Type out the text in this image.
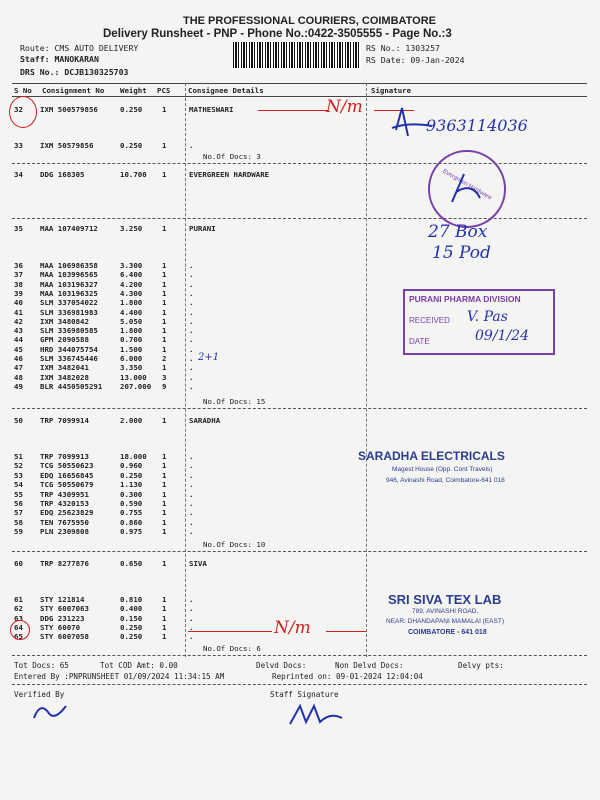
THE PROFESSIONAL COURIERS, COIMBATORE
Delivery Runsheet - PNP - Phone No.:0422-3505555 - Page No.:3
Route: CMS AUTO DELIVERY
Staff: MANOKARAN
DRS No.: DCJB130325703
RS No.: 1303257
RS Date: 09-Jan-2024
S No Consignment No Weight PCS Consignee Details	Signature
32 IXM 500579856	0.250	1	MATHESWARI
33 IXM 50579856	0.250	1	.
No.Of Docs: 3
34 DDG 168305	10.700 1	EVERGREEN HARDWARE
35 MAA 107409712	3.250	1	PURANI
36 MAA 106986358	3.300	1	.
37 MAA 103996565	6.400	1	.
38 MAA 103196327	4.200	1	.
39 MAA 103196325	4.300	1	.
40 SLM 337054022	1.800	1	.
41 SLM 336981983	4.400	1	.
42 IXM 3480842	5.050	1	.
43 SLM 336980585	1.800	1	.
44 GPM 2090588	0.700	1	.
45 HRD 344075754	1.500	1	.
46 SLM 336745446	6.000	2	.
47 IXM 3482041	3.350	1	.
48 IXM 3482028	13.000 3	.
49 BLR 4450505291 207.000 9	.
No.Of Docs: 15
50 TRP 7099914	2.000	1	SARADHA
51 TRP 7099913	18.000 1	.
52 TCG 50550623	0.960	1	.
53 EDQ 16656845	0.250	1	.
54 TCG 50550679	1.130	1	.
55 TRP 4309951	0.300	1	.
56 TRP 4320153	0.590	1	.
57 EDQ 25623829	0.755	1	.
58 TEN 7675950	0.860	1	.
59 PLN 2309808	0.975	1	.
No.Of Docs: 10
60 TRP 8277876	0.650	1	SIVA
61 STY 121814	0.810	1	.
62 STY 6007063	0.400	1	.
63 DDG 231223	0.150	1	.
64 STY 60070	0.250	1	.
65 STY 6007058	0.250	1	.
No.Of Docs: 6
Tot Docs: 65	Tot COD Amt: 0.00	Delvd Docs:	Non Delvd Docs:	Delvy pts:
Entered By :PNPRUNSHEET 01/09/2024 11:34:15 AM	Reprinted on: 09-01-2024 12:04:04
Verified By	Staff Signature
N/m
9363114036
Evergreen Hardware
27 Box
15 Pod
PURANI PHARMA DIVISION
RECEIVED V. Pas
DATE	09/1/24
2+1
SARADHA ELECTRICALS
Magest House (Opp. Cont Travels)
946, Avinashi Road, Coimbatore-641 018
SRI SIVA TEX LAB
789, AVINASHI ROAD,
NEAR: DHANDAPANI MAMALAI (EAST)
COIMBATORE - 641 018
N/m
